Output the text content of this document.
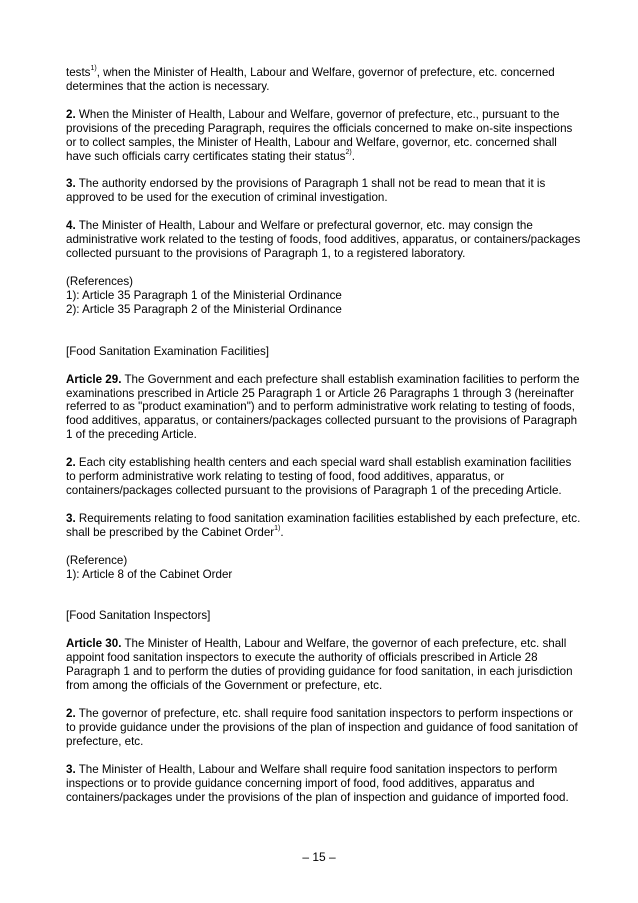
tests$^{1)}$, when the Minister of Health, Labour and Welfare, governor of prefecture, etc. concerned determines that the action is necessary.

2. When the Minister of Health, Labour and Welfare, governor of prefecture, etc., pursuant to the provisions of the preceding Paragraph, requires the officials concerned to make on-site inspections or to collect samples, the Minister of Health, Labour and Welfare, governor, etc. concerned shall have such officials carry certificates stating their status$^{2)}$.

3. The authority endorsed by the provisions of Paragraph 1 shall not be read to mean that it is approved to be used for the execution of criminal investigation.

4. The Minister of Health, Labour and Welfare or prefectural governor, etc. may consign the administrative work related to the testing of foods, food additives, apparatus, or containers/packages collected pursuant to the provisions of Paragraph 1, to a registered laboratory.

(References)
1): Article 35 Paragraph 1 of the Ministerial Ordinance
2): Article 35 Paragraph 2 of the Ministerial Ordinance

[Food Sanitation Examination Facilities]

Article 29. The Government and each prefecture shall establish examination facilities to perform the examinations prescribed in Article 25 Paragraph 1 or Article 26 Paragraphs 1 through 3 (hereinafter referred to as "product examination") and to perform administrative work relating to testing of foods, food additives, apparatus, or containers/packages collected pursuant to the provisions of Paragraph 1 of the preceding Article.

2. Each city establishing health centers and each special ward shall establish examination facilities to perform administrative work relating to testing of food, food additives, apparatus, or containers/packages collected pursuant to the provisions of Paragraph 1 of the preceding Article.

3. Requirements relating to food sanitation examination facilities established by each prefecture, etc. shall be prescribed by the Cabinet Order$^{1)}$.

(Reference)
1): Article 8 of the Cabinet Order

[Food Sanitation Inspectors]

Article 30. The Minister of Health, Labour and Welfare, the governor of each prefecture, etc. shall appoint food sanitation inspectors to execute the authority of officials prescribed in Article 28 Paragraph 1 and to perform the duties of providing guidance for food sanitation, in each jurisdiction from among the officials of the Government or prefecture, etc.

2. The governor of prefecture, etc. shall require food sanitation inspectors to perform inspections or to provide guidance under the provisions of the plan of inspection and guidance of food sanitation of prefecture, etc.

3. The Minister of Health, Labour and Welfare shall require food sanitation inspectors to perform inspections or to provide guidance concerning import of food, food additives, apparatus and containers/packages under the provisions of the plan of inspection and guidance of imported food.

– 15 –
